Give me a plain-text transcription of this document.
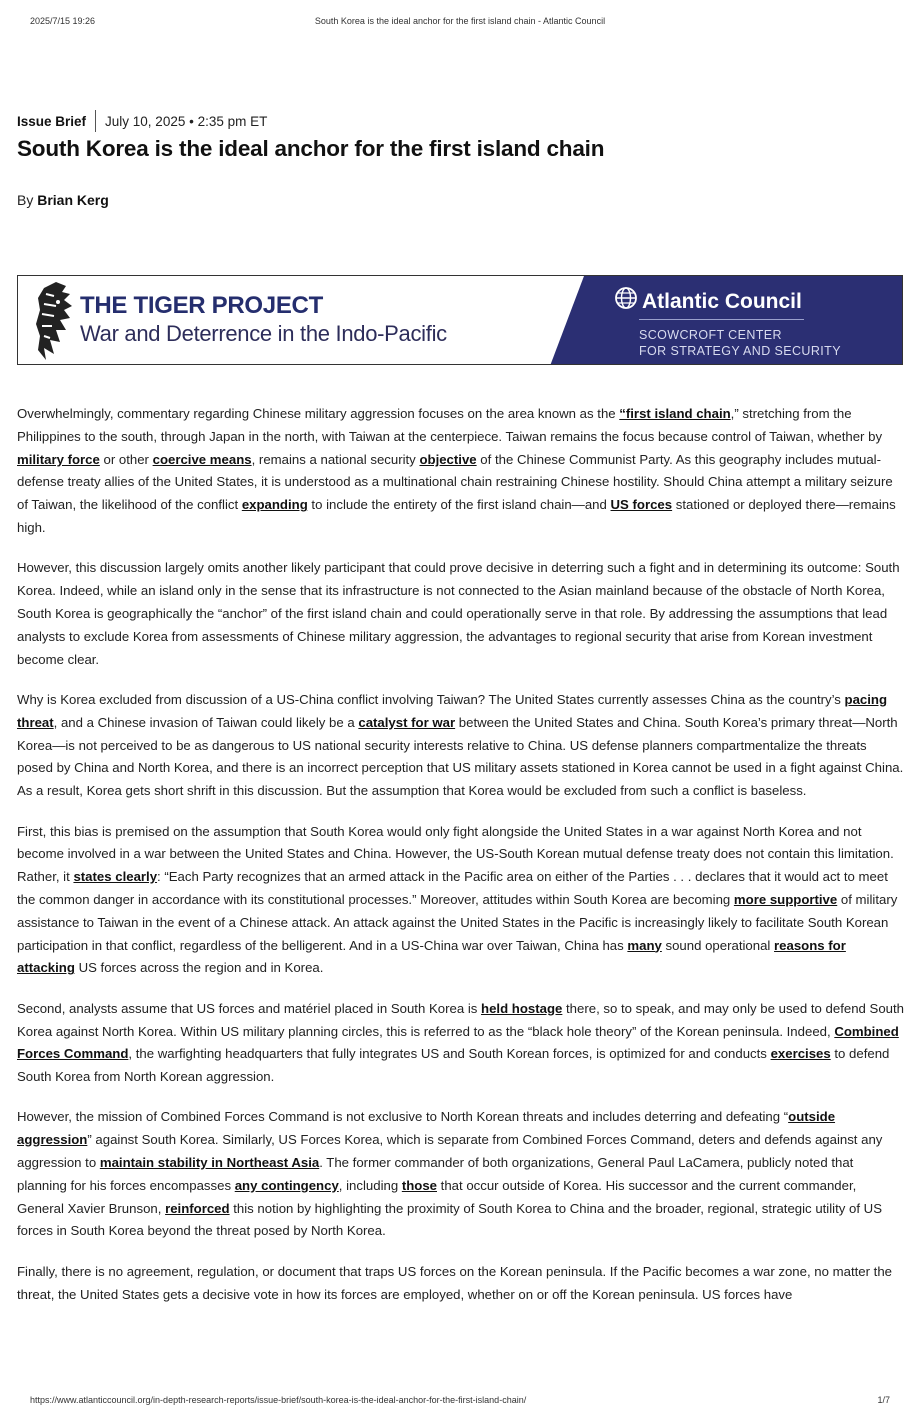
2025/7/15 19:26	South Korea is the ideal anchor for the first island chain - Atlantic Council
Issue Brief July 10, 2025 • 2:35 pm ET
South Korea is the ideal anchor for the first island chain
By Brian Kerg
THE TIGER PROJECT
War and Deterrence in the Indo-Pacific
Atlantic Council
SCOWCROFT CENTER
FOR STRATEGY AND SECURITY

Overwhelmingly, commentary regarding Chinese military aggression focuses on the area known as the “first island chain,” stretching from the Philippines to the south, through Japan in the north, with Taiwan at the centerpiece. Taiwan remains the focus because control of Taiwan, whether by military force or other coercive means, remains a national security objective of the Chinese Communist Party. As this geography includes mutual-defense treaty allies of the United States, it is understood as a multinational chain restraining Chinese hostility. Should China attempt a military seizure of Taiwan, the likelihood of the conflict expanding to include the entirety of the first island chain—and US forces stationed or deployed there—remains high.

However, this discussion largely omits another likely participant that could prove decisive in deterring such a fight and in determining its outcome: South Korea. Indeed, while an island only in the sense that its infrastructure is not connected to the Asian mainland because of the obstacle of North Korea, South Korea is geographically the “anchor” of the first island chain and could operationally serve in that role. By addressing the assumptions that lead analysts to exclude Korea from assessments of Chinese military aggression, the advantages to regional security that arise from Korean investment become clear.

Why is Korea excluded from discussion of a US-China conflict involving Taiwan? The United States currently assesses China as the country’s pacing threat, and a Chinese invasion of Taiwan could likely be a catalyst for war between the United States and China. South Korea’s primary threat—North Korea—is not perceived to be as dangerous to US national security interests relative to China. US defense planners compartmentalize the threats posed by China and North Korea, and there is an incorrect perception that US military assets stationed in Korea cannot be used in a fight against China. As a result, Korea gets short shrift in this discussion. But the assumption that Korea would be excluded from such a conflict is baseless.

First, this bias is premised on the assumption that South Korea would only fight alongside the United States in a war against North Korea and not become involved in a war between the United States and China. However, the US-South Korean mutual defense treaty does not contain this limitation. Rather, it states clearly: “Each Party recognizes that an armed attack in the Pacific area on either of the Parties . . . declares that it would act to meet the common danger in accordance with its constitutional processes.” Moreover, attitudes within South Korea are becoming more supportive of military assistance to Taiwan in the event of a Chinese attack. An attack against the United States in the Pacific is increasingly likely to facilitate South Korean participation in that conflict, regardless of the belligerent. And in a US-China war over Taiwan, China has many sound operational reasons for attacking US forces across the region and in Korea.

Second, analysts assume that US forces and matériel placed in South Korea is held hostage there, so to speak, and may only be used to defend South Korea against North Korea. Within US military planning circles, this is referred to as the “black hole theory” of the Korean peninsula. Indeed, Combined Forces Command, the warfighting headquarters that fully integrates US and South Korean forces, is optimized for and conducts exercises to defend South Korea from North Korean aggression.

However, the mission of Combined Forces Command is not exclusive to North Korean threats and includes deterring and defeating “outside aggression” against South Korea. Similarly, US Forces Korea, which is separate from Combined Forces Command, deters and defends against any aggression to maintain stability in Northeast Asia. The former commander of both organizations, General Paul LaCamera, publicly noted that planning for his forces encompasses any contingency, including those that occur outside of Korea. His successor and the current commander, General Xavier Brunson, reinforced this notion by highlighting the proximity of South Korea to China and the broader, regional, strategic utility of US forces in South Korea beyond the threat posed by North Korea.

Finally, there is no agreement, regulation, or document that traps US forces on the Korean peninsula. If the Pacific becomes a war zone, no matter the threat, the United States gets a decisive vote in how its forces are employed, whether on or off the Korean peninsula. US forces have

https://www.atlanticcouncil.org/in-depth-research-reports/issue-brief/south-korea-is-the-ideal-anchor-for-the-first-island-chain/	1/7
